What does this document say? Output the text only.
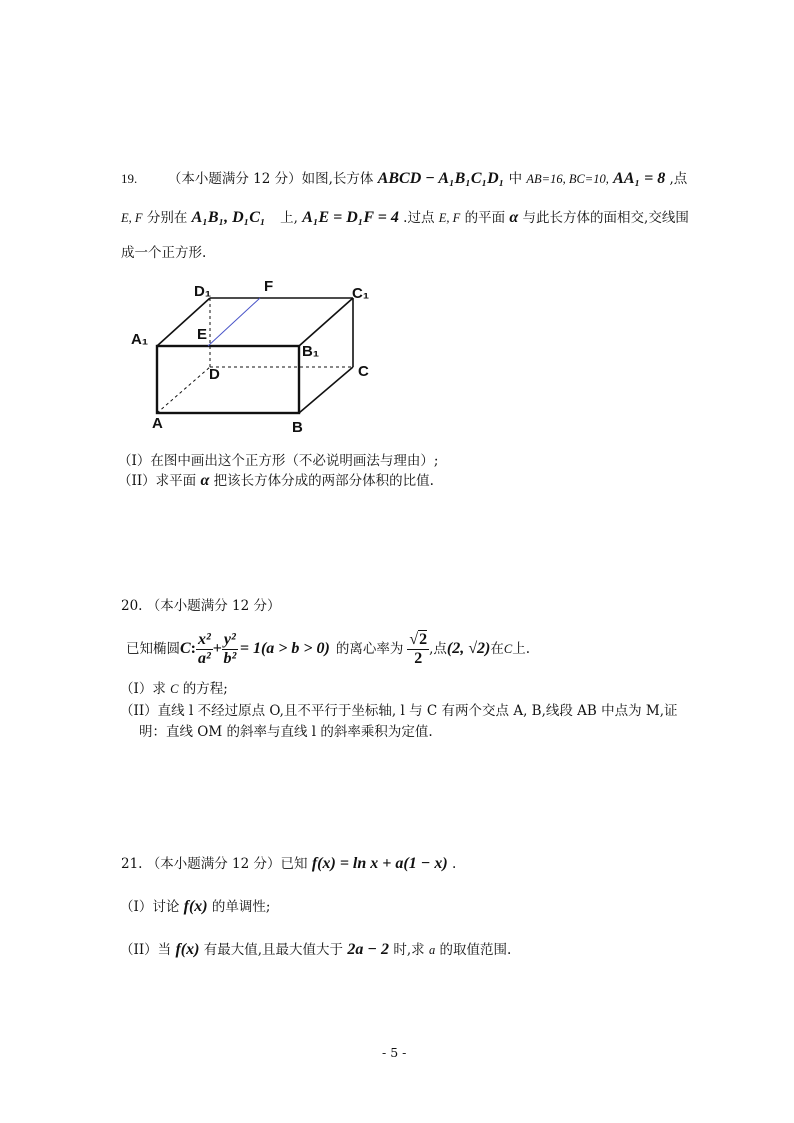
19. （本小题满分 12 分）如图,长方体 ABCD − A₁B₁C₁D₁ 中 AB=16, BC=10, AA₁ = 8 ,点
E, F 分别在 A₁B₁, D₁C₁ 上, A₁E = D₁F = 4 .过点 E, F 的平面 α 与此长方体的面相交,交线围
成一个正方形.
D₁	F	C₁
A₁	E
B₁
D	C
A	B
（I）在图中画出这个正方形（不必说明画法与理由）;
（II）求平面 α 把该长方体分成的两部分体积的比值.
20. （本小题满分 12 分）
已知椭圆 C : $\frac{\text{x²}}{\text{a²}} + \frac{\text{y²}}{\text{b²}} = 1(a > b > 0)$ 的离心率为 $\frac{√2}{2}$ ,点 (2, √2) 在 C 上.
（I）求 C 的方程;
（II）直线 l 不经过原点 O,且不平行于坐标轴, l 与 C 有两个交点 A, B,线段 AB 中点为 M,证
明：直线 OM 的斜率与直线 l 的斜率乘积为定值.
21. （本小题满分 12 分）已知 f(x) = ln x + a(1 − x) .
（I）讨论 f(x) 的单调性;
（II）当 f(x) 有最大值,且最大值大于 2a − 2 时,求 a 的取值范围.
- 5 -
